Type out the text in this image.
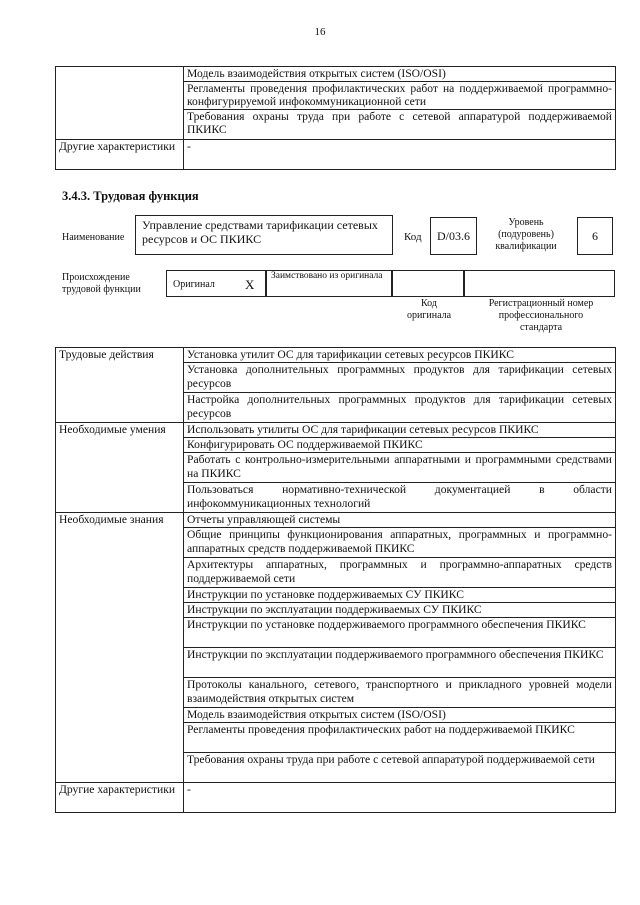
16
	Модель взаимодействия открытых систем (ISO/OSI)
	Регламенты проведения профилактических работ на поддерживаемой программно-конфигурируемой инфокоммуникационной сети
	Требования охраны труда при работе с сетевой аппаратурой поддерживаемой ПКИКС
Другие характеристики	-
3.4.3. Трудовая функция
Наименование
Управление средствами тарификации сетевых ресурсов и ОС ПКИКС	Код	D/03.6
Уровень (подуровень) квалификации
6
Происхождение трудовой функции	Оригинал X
Заимствовано из оригинала
Код оригинала
Регистрационный номер профессионального стандарта
Трудовые действия	Установка утилит ОС для тарификации сетевых ресурсов ПКИКС
	Установка дополнительных программных продуктов для тарификации сетевых ресурсов
	Настройка дополнительных программных продуктов для тарификации сетевых ресурсов
Необходимые умения	Использовать утилиты ОС для тарификации сетевых ресурсов ПКИКС
	Конфигурировать ОС поддерживаемой ПКИКС
	Работать с контрольно-измерительными аппаратными и программными средствами на ПКИКС
	Пользоваться нормативно-технической документацией в области инфокоммуникационных технологий
Необходимые знания	Отчеты управляющей системы
	Общие принципы функционирования аппаратных, программных и программно-аппаратных средств поддерживаемой ПКИКС
	Архитектуры аппаратных, программных и программно-аппаратных средств поддерживаемой сети
	Инструкции по установке поддерживаемых СУ ПКИКС
	Инструкции по эксплуатации поддерживаемых СУ ПКИКС
	Инструкции по установке поддерживаемого программного обеспечения ПКИКС
	Инструкции по эксплуатации поддерживаемого программного обеспечения ПКИКС
	Протоколы канального, сетевого, транспортного и прикладного уровней модели взаимодействия открытых систем
	Модель взаимодействия открытых систем (ISO/OSI)
	Регламенты проведения профилактических работ на поддерживаемой ПКИКС
	Требования охраны труда при работе с сетевой аппаратурой поддерживаемой сети
Другие характеристики	-
